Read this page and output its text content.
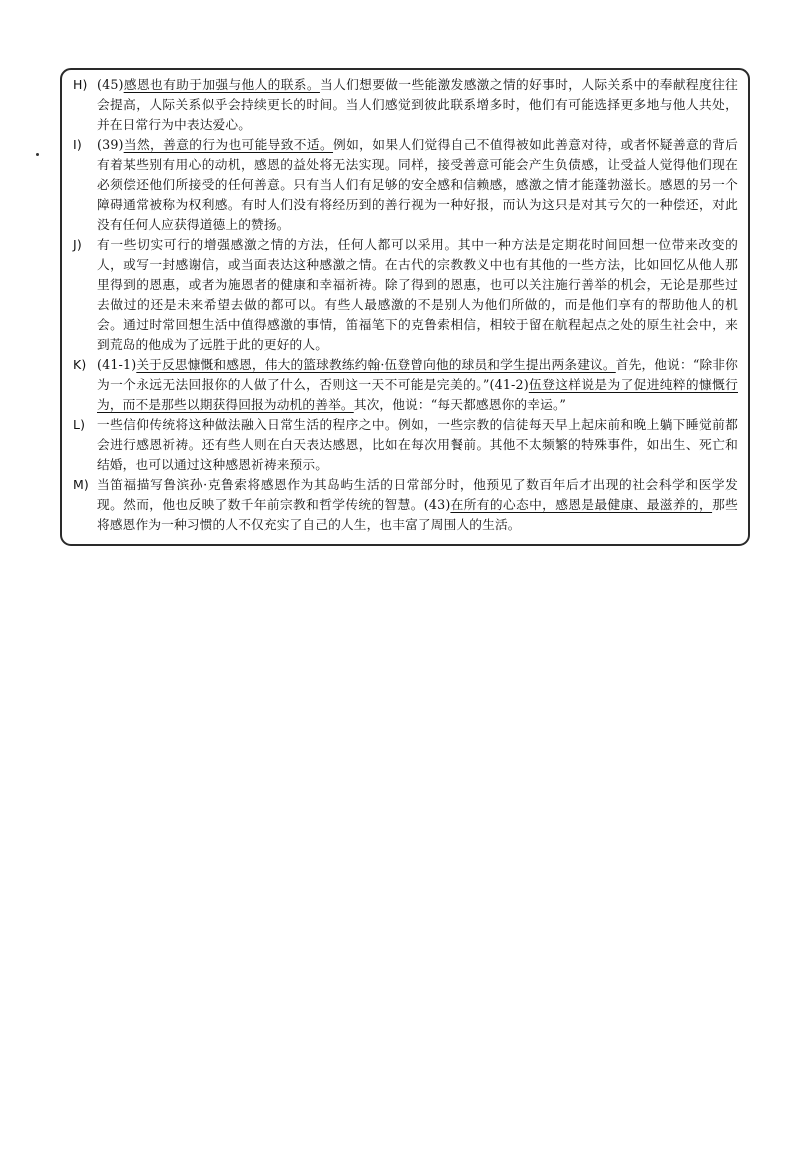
H) (45)感恩也有助于加强与他人的联系。当人们想要做一些能激发感激之情的好事时，人际关系中的奉献程度往往会提高，人际关系似乎会持续更长的时间。当人们感觉到彼此联系增多时，他们有可能选择更多地与他人共处，并在日常行为中表达爱心。
I) (39)当然，善意的行为也可能导致不适。例如，如果人们觉得自己不值得被如此善意对待，或者怀疑善意的背后有着某些别有用心的动机，感恩的益处将无法实现。同样，接受善意可能会产生负债感，让受益人觉得他们现在必须偿还他们所接受的任何善意。只有当人们有足够的安全感和信赖感，感激之情才能蓬勃滋长。感恩的另一个障碍通常被称为权利感。有时人们没有将经历到的善行视为一种好报，而认为这只是对其亏欠的一种偿还，对此没有任何人应获得道德上的赞扬。
J) 有一些切实可行的增强感激之情的方法，任何人都可以采用。其中一种方法是定期花时间回想一位带来改变的人，或写一封感谢信，或当面表达这种感激之情。在古代的宗教教义中也有其他的一些方法，比如回忆从他人那里得到的恩惠，或者为施恩者的健康和幸福祈祷。除了得到的恩惠，也可以关注施行善举的机会，无论是那些过去做过的还是未来希望去做的都可以。有些人最感激的不是别人为他们所做的，而是他们享有的帮助他人的机会。通过时常回想生活中值得感激的事情，笛福笔下的克鲁索相信，相较于留在航程起点之处的原生社会中，来到荒岛的他成为了远胜于此的更好的人。
K) (41-1)关于反思慷慨和感恩，伟大的篮球教练约翰·伍登曾向他的球员和学生提出两条建议。首先，他说：“除非你为一个永远无法回报你的人做了什么，否则这一天不可能是完美的。”(41-2)伍登这样说是为了促进纯粹的慷慨行为，而不是那些以期获得回报为动机的善举。其次，他说：“每天都感恩你的幸运。”
L) 一些信仰传统将这种做法融入日常生活的程序之中。例如，一些宗教的信徒每天早上起床前和晚上躺下睡觉前都会进行感恩祈祷。还有些人则在白天表达感恩，比如在每次用餐前。其他不太频繁的特殊事件，如出生、死亡和结婚，也可以通过这种感恩祈祷来预示。
M) 当笛福描写鲁滨孙·克鲁索将感恩作为其岛屿生活的日常部分时，他预见了数百年后才出现的社会科学和医学发现。然而，他也反映了数千年前宗教和哲学传统的智慧。(43)在所有的心态中，感恩是最健康、最滋养的，那些将感恩作为一种习惯的人不仅充实了自己的人生，也丰富了周围人的生活。
